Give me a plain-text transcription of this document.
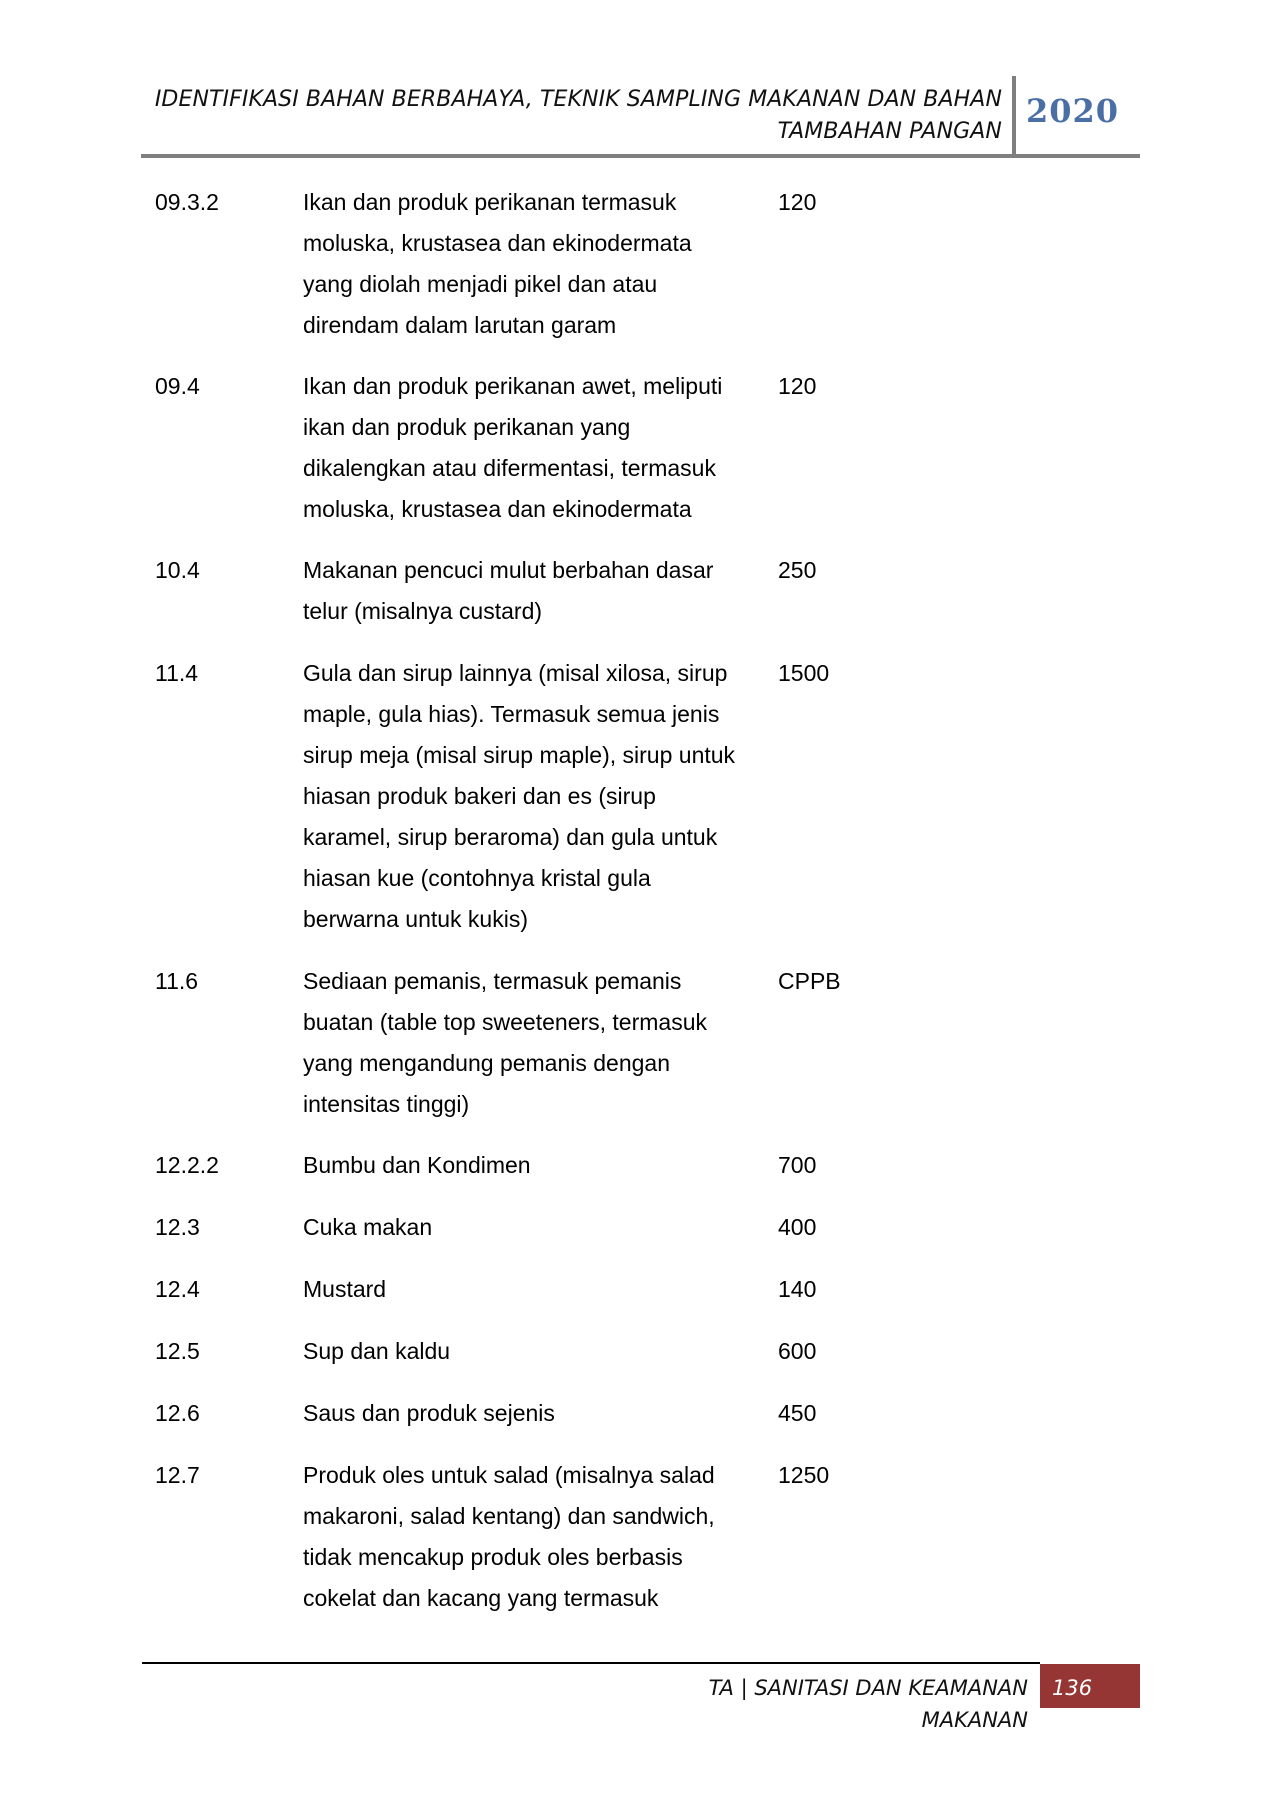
IDENTIFIKASI BAHAN BERBAHAYA, TEKNIK SAMPLING MAKANAN DAN BAHAN
TAMBAHAN PANGAN
2020
09.3.2	Ikan dan produk perikanan termasuk
moluska, krustasea dan ekinodermata
yang diolah menjadi pikel dan atau
direndam dalam larutan garam
120
09.4	Ikan dan produk perikanan awet, meliputi
ikan dan produk perikanan yang
dikalengkan atau difermentasi, termasuk
moluska, krustasea dan ekinodermata
120
10.4	Makanan pencuci mulut berbahan dasar
telur (misalnya custard)
250
11.4	Gula dan sirup lainnya (misal xilosa, sirup
maple, gula hias). Termasuk semua jenis
sirup meja (misal sirup maple), sirup untuk
hiasan produk bakeri dan es (sirup
karamel, sirup beraroma) dan gula untuk
hiasan kue (contohnya kristal gula
berwarna untuk kukis)
1500
11.6	Sediaan pemanis, termasuk pemanis
buatan (table top sweeteners, termasuk
yang mengandung pemanis dengan
intensitas tinggi)
CPPB
12.2.2	Bumbu dan Kondimen	700
12.3	Cuka makan	400
12.4	Mustard	140
12.5	Sup dan kaldu	600
12.6	Saus dan produk sejenis	450
12.7	Produk oles untuk salad (misalnya salad
makaroni, salad kentang) dan sandwich,
tidak mencakup produk oles berbasis
cokelat dan kacang yang termasuk
1250
TA | SANITASI DAN KEAMANAN MAKANAN
136
